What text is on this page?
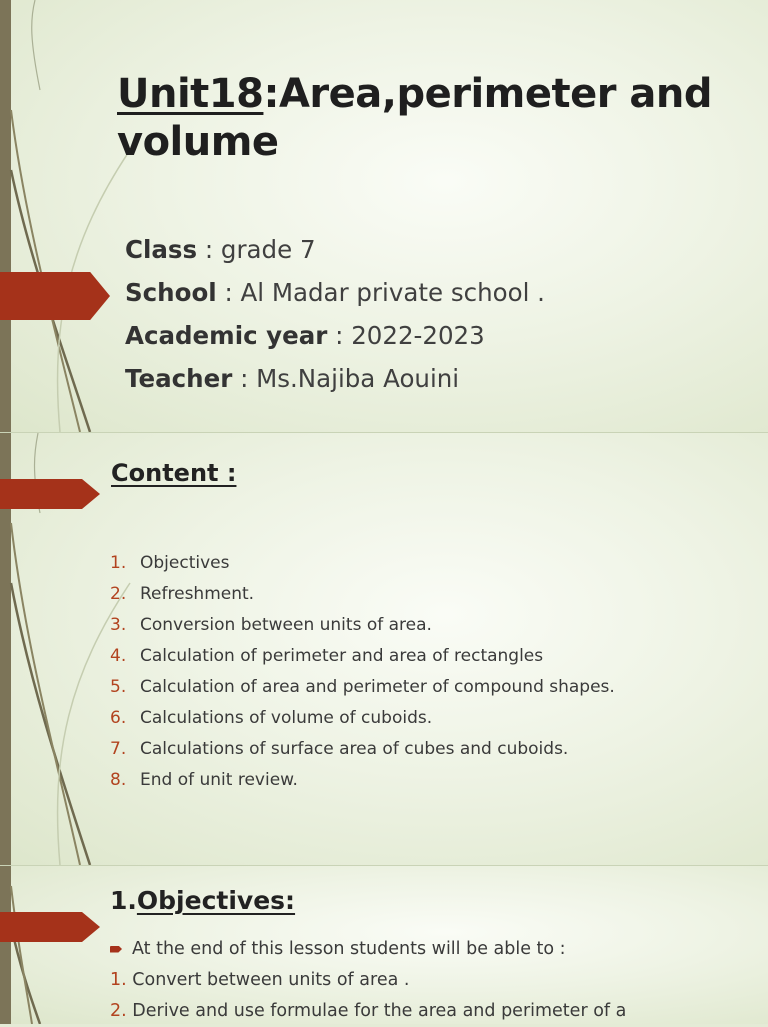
Unit18:Area,perimeter and volume
Class : grade 7
School : Al Madar private school .
Academic year : 2022-2023
Teacher : Ms.Najiba Aouini
Content :
1. Objectives
2. Refreshment.
3. Conversion between units of area.
4. Calculation of perimeter and area of rectangles
5. Calculation of area and perimeter of compound shapes.
6. Calculations of volume of cuboids.
7. Calculations of surface area of cubes and cuboids.
8. End of unit review.
1.Objectives:
At the end of this lesson students will be able to :
1. Convert between units of area .
2. Derive and use formulae for the area and perimeter of a
